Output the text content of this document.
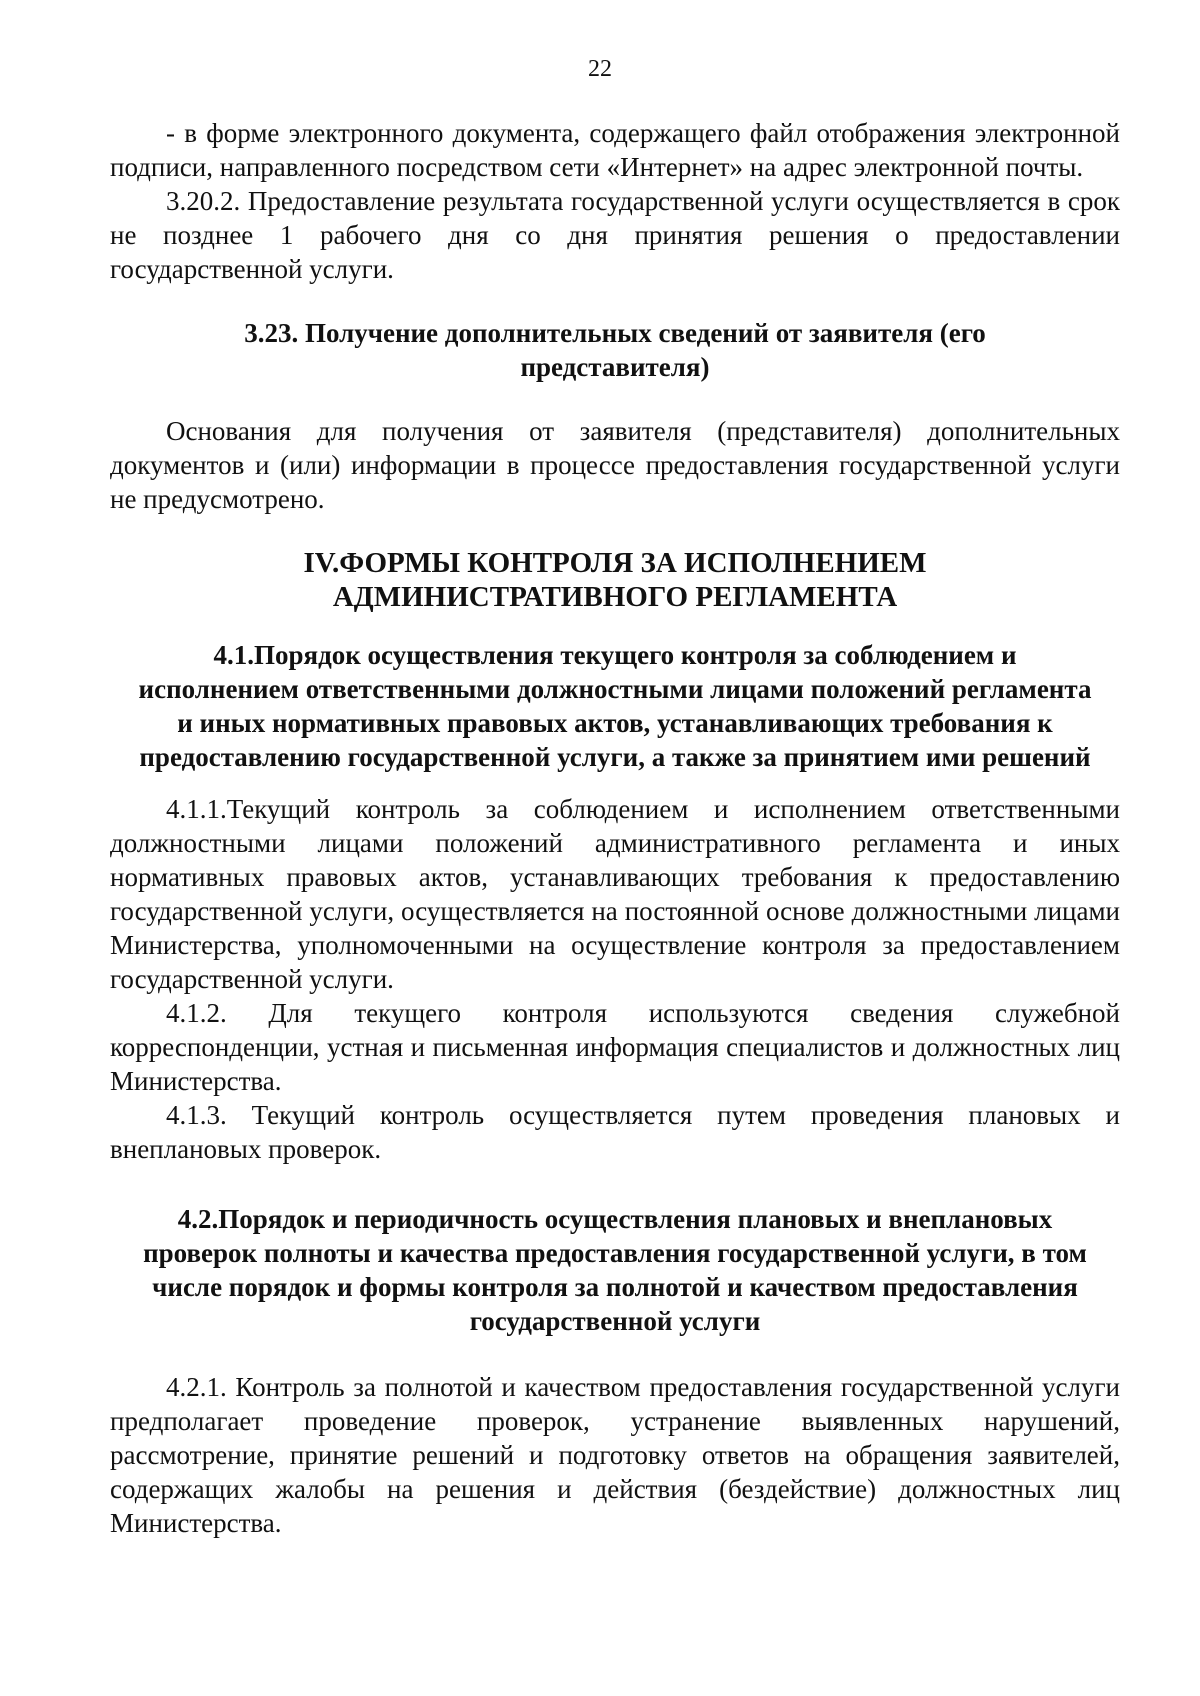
22

- в форме электронного документа, содержащего файл отображения электронной подписи, направленного посредством сети «Интернет» на адрес электронной почты.

3.20.2. Предоставление результата государственной услуги осуществляется в срок не позднее 1 рабочего дня со дня принятия решения о предоставлении государственной услуги.

3.23. Получение дополнительных сведений от заявителя (его представителя)

Основания для получения от заявителя (представителя) дополнительных документов и (или) информации в процессе предоставления государственной услуги не предусмотрено.

IV.ФОРМЫ КОНТРОЛЯ ЗА ИСПОЛНЕНИЕМ АДМИНИСТРАТИВНОГО РЕГЛАМЕНТА
4.1.Порядок осуществления текущего контроля за соблюдением и исполнением ответственными должностными лицами положений регламента и иных нормативных правовых актов, устанавливающих требования к предоставлению государственной услуги, а также за принятием ими решений

4.1.1.Текущий контроль за соблюдением и исполнением ответственными должностными лицами положений административного регламента и иных нормативных правовых актов, устанавливающих требования к предоставлению государственной услуги, осуществляется на постоянной основе должностными лицами Министерства, уполномоченными на осуществление контроля за предоставлением государственной услуги.

4.1.2. Для текущего контроля используются сведения служебной корреспонденции, устная и письменная информация специалистов и должностных лиц Министерства.

4.1.3. Текущий контроль осуществляется путем проведения плановых и внеплановых проверок.

4.2.Порядок и периодичность осуществления плановых и внеплановых проверок полноты и качества предоставления государственной услуги, в том числе порядок и формы контроля за полнотой и качеством предоставления государственной услуги

4.2.1. Контроль за полнотой и качеством предоставления государственной услуги предполагает проведение проверок, устранение выявленных нарушений, рассмотрение, принятие решений и подготовку ответов на обращения заявителей, содержащих жалобы на решения и действия (бездействие) должностных лиц Министерства.
